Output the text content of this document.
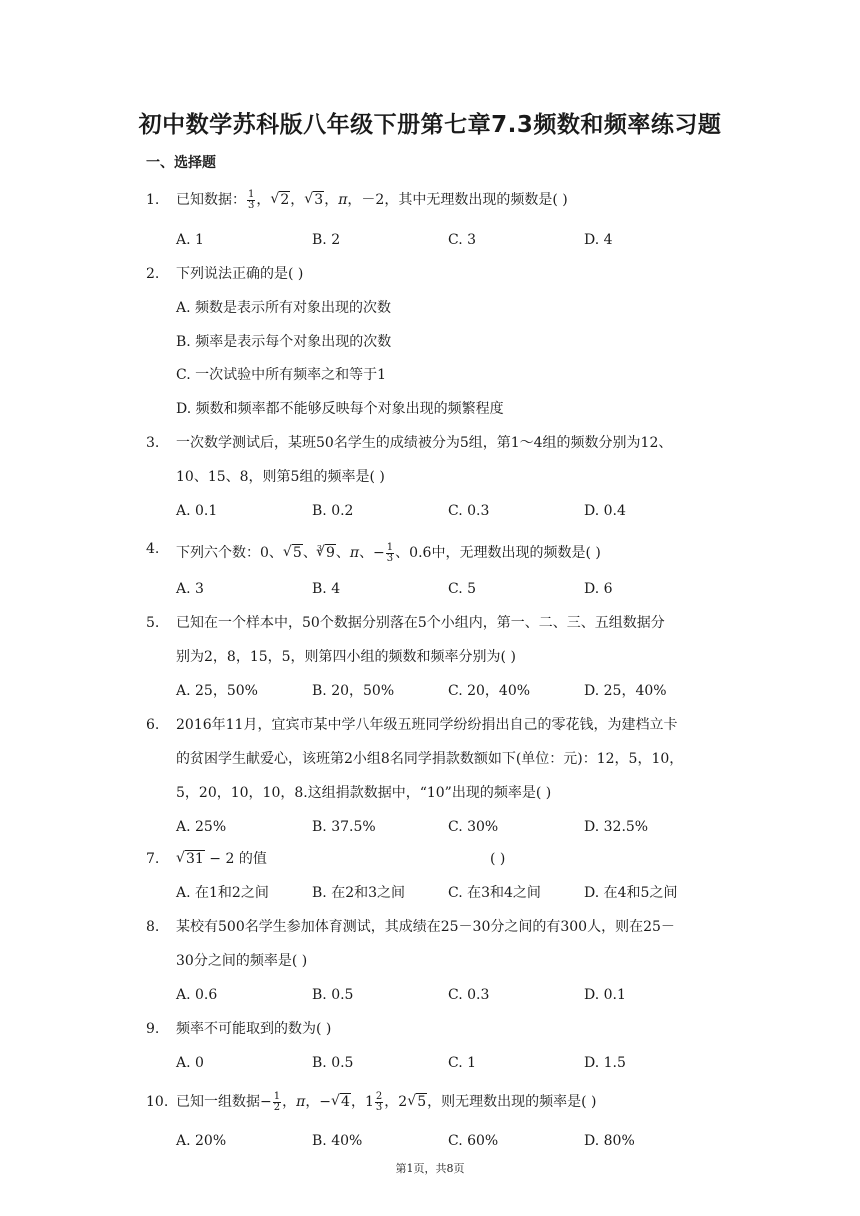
初中数学苏科版八年级下册第七章7.3频数和频率练习题
一、选择题
1.	已知数据： $\frac{1}{3}$ ， √ 2， √ 3，π，－2，其中无理数出现的频数是( )
A. 1	B. 2	C. 3	D. 4
2.	下列说法正确的是( )
A. 频数是表示所有对象出现的次数
B. 频率是表示每个对象出现的次数
C. 一次试验中所有频率之和等于1
D. 频数和频率都不能够反映每个对象出现的频繁程度
3.	一次数学测试后，某班50名学生的成绩被分为5组，第1～4组的频数分别为12、
10、15、8，则第5组的频率是( )
A. 0.1	B. 0.2	C. 0.3	D. 0.4
4.	下列六个数：0、 √ 5、$^3$ √ 9、π、− $\frac{1}{3}$ 、0.6 ˙中，无理数出现的频数是( )
A. 3	B. 4	C. 5	D. 6
5.	已知在一个样本中，50个数据分别落在5个小组内，第一、二、三、五组数据分
别为2，8，15，5，则第四小组的频数和频率分别为( )
A. 25，50%	B. 20，50%	C. 20，40%	D. 25，40%
6.	2016年11月，宜宾市某中学八年级五班同学纷纷捐出自己的零花钱，为建档立卡
的贫困学生献爱心，该班第2小组8名同学捐款数额如下(单位：元)：12，5，10，
5，20，10，10，8.这组捐款数据中，“10”出现的频率是( )
A. 25%	B. 37.5%	C. 30%	D. 32.5%
7.	√ 31 − 2 的值	( )
A. 在1和2之间	B. 在2和3之间	C. 在3和4之间	D. 在4和5之间
8.	某校有500名学生参加体育测试，其成绩在25－30分之间的有300人，则在25－
30分之间的频率是( )
A. 0.6	B. 0.5	C. 0.3	D. 0.1
9.	频率不可能取到的数为( )
A. 0	B. 0.5	C. 1	D. 1.5
10. 已知一组数据− $\frac{1}{2}$ ，π，− √ 4，$1 \frac{2}{3}$ ，2 √ 5，则无理数出现的频率是( )
A. 20%	B. 40%	C. 60%	D. 80%
第1页，共8页
